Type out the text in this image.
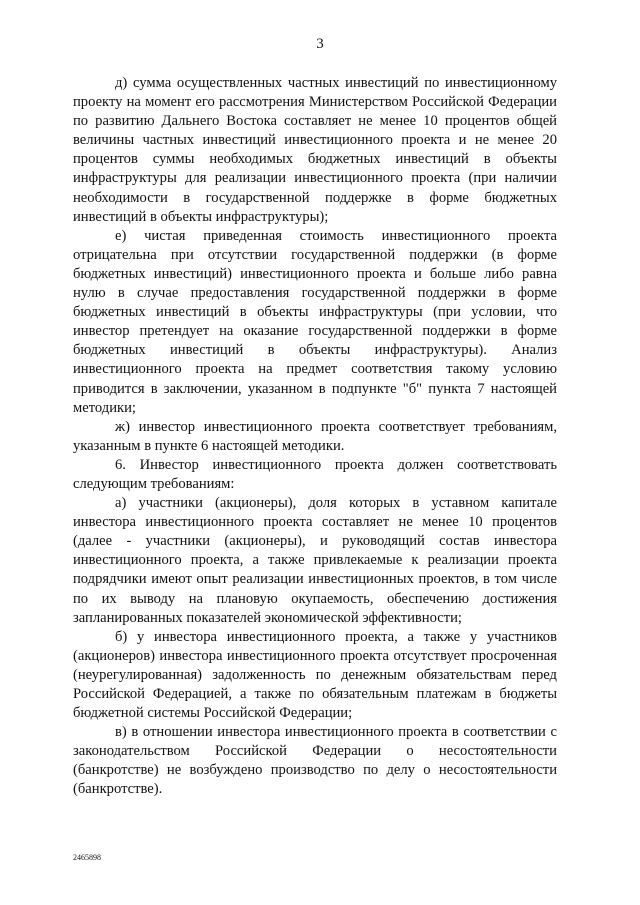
3

д) сумма осуществленных частных инвестиций по инвестиционному проекту на момент его рассмотрения Министерством Российской Федерации по развитию Дальнего Востока составляет не менее 10 процентов общей величины частных инвестиций инвестиционного проекта и не менее 20 процентов суммы необходимых бюджетных инвестиций в объекты инфраструктуры для реализации инвестиционного проекта (при наличии необходимости в государственной поддержке в форме бюджетных инвестиций в объекты инфраструктуры);

е) чистая приведенная стоимость инвестиционного проекта отрицательна при отсутствии государственной поддержки (в форме бюджетных инвестиций) инвестиционного проекта и больше либо равна нулю в случае предоставления государственной поддержки в форме бюджетных инвестиций в объекты инфраструктуры (при условии, что инвестор претендует на оказание государственной поддержки в форме бюджетных инвестиций в объекты инфраструктуры). Анализ инвестиционного проекта на предмет соответствия такому условию приводится в заключении, указанном в подпункте "б" пункта 7 настоящей методики;

ж) инвестор инвестиционного проекта соответствует требованиям, указанным в пункте 6 настоящей методики.

6. Инвестор инвестиционного проекта должен соответствовать следующим требованиям:

а) участники (акционеры), доля которых в уставном капитале инвестора инвестиционного проекта составляет не менее 10 процентов (далее - участники (акционеры), и руководящий состав инвестора инвестиционного проекта, а также привлекаемые к реализации проекта подрядчики имеют опыт реализации инвестиционных проектов, в том числе по их выводу на плановую окупаемость, обеспечению достижения запланированных показателей экономической эффективности;

б) у инвестора инвестиционного проекта, а также у участников (акционеров) инвестора инвестиционного проекта отсутствует просроченная (неурегулированная) задолженность по денежным обязательствам перед Российской Федерацией, а также по обязательным платежам в бюджеты бюджетной системы Российской Федерации;

в) в отношении инвестора инвестиционного проекта в соответствии с законодательством Российской Федерации о несостоятельности (банкротстве) не возбуждено производство по делу о несостоятельности (банкротстве).

2465898
